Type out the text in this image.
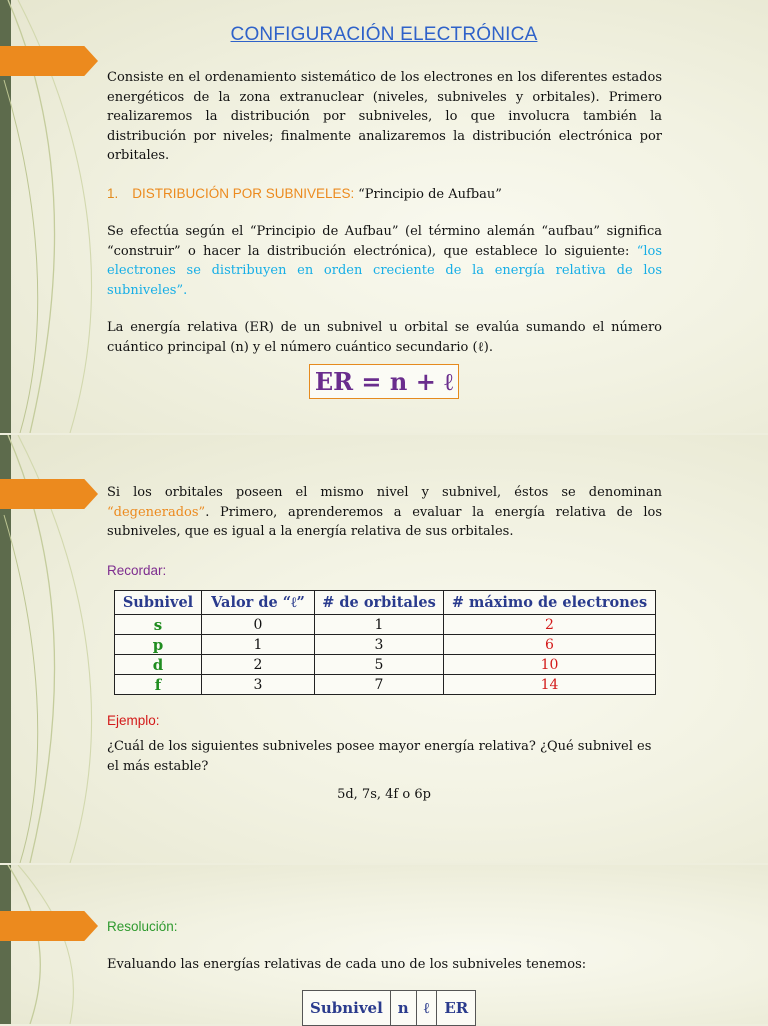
CONFIGURACIÓN ELECTRÓNICA
Consiste en el ordenamiento sistemático de los electrones en los diferentes estados energéticos de la zona extranuclear (niveles, subniveles y orbitales). Primero realizaremos la distribución por subniveles, lo que involucra también la distribución por niveles; finalmente analizaremos la distribución electrónica por orbitales.
1. DISTRIBUCIÓN POR SUBNIVELES: “Principio de Aufbau”
Se efectúa según el “Principio de Aufbau” (el término alemán “aufbau” significa “construir” o hacer la distribución electrónica), que establece lo siguiente: “los electrones se distribuyen en orden creciente de la energía relativa de los subniveles”.
La energía relativa (ER) de un subnivel u orbital se evalúa sumando el número cuántico principal (n) y el número cuántico secundario (ℓ).
ER = n + ℓ
Si los orbitales poseen el mismo nivel y subnivel, éstos se denominan “degenerados”. Primero, aprenderemos a evaluar la energía relativa de los subniveles, que es igual a la energía relativa de sus orbitales.
Recordar:
Ejemplo:
¿Cuál de los siguientes subniveles posee mayor energía relativa? ¿Qué subnivel es el más estable?
5d, 7s, 4f o 6p
Resolución:
Evaluando las energías relativas de cada uno de los subniveles tenemos:
Subnivel	Valor de “ℓ”	# de orbitales	# máximo de electrones
s	0	1	2
p	1	3	6
d	2	5	10
f	3	7	14
Subnivel	n	ℓ	ER
